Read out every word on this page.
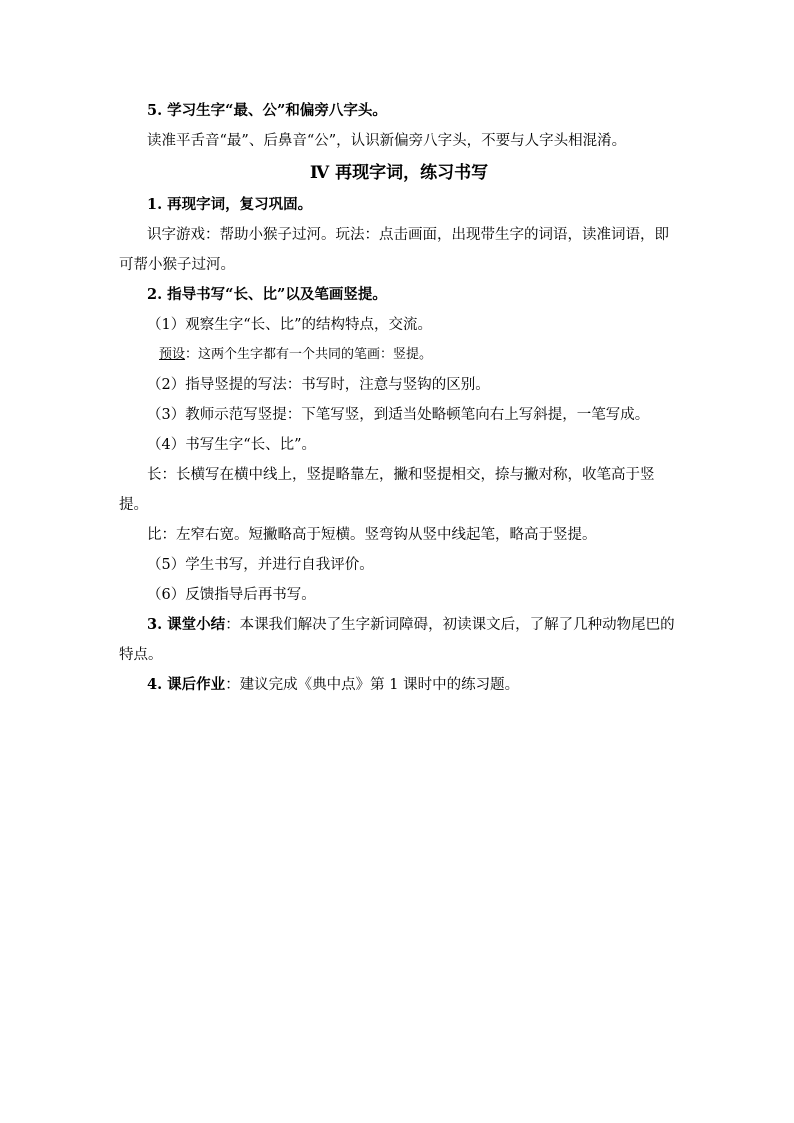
5. 学习生字“最、公”和偏旁八字头。

读准平舌音“最”、后鼻音“公”，认识新偏旁八字头，不要与人字头相混淆。

Ⅳ 再现字词，练习书写

1. 再现字词，复习巩固。

识字游戏：帮助小猴子过河。玩法：点击画面，出现带生字的词语，读准词语，即可帮小猴子过河。

2. 指导书写“长、比”以及笔画竖提。

（1）观察生字“长、比”的结构特点，交流。

预设：这两个生字都有一个共同的笔画：竖提。

（2）指导竖提的写法：书写时，注意与竖钩的区别。

（3）教师示范写竖提：下笔写竖，到适当处略顿笔向右上写斜提，一笔写成。

（4）书写生字“长、比”。

长：长横写在横中线上，竖提略靠左，撇和竖提相交，捺与撇对称，收笔高于竖提。

比：左窄右宽。短撇略高于短横。竖弯钩从竖中线起笔，略高于竖提。

（5）学生书写，并进行自我评价。

（6）反馈指导后再书写。

3. 课堂小结：本课我们解决了生字新词障碍，初读课文后，了解了几种动物尾巴的特点。

4. 课后作业：建议完成《典中点》第 1 课时中的练习题。
